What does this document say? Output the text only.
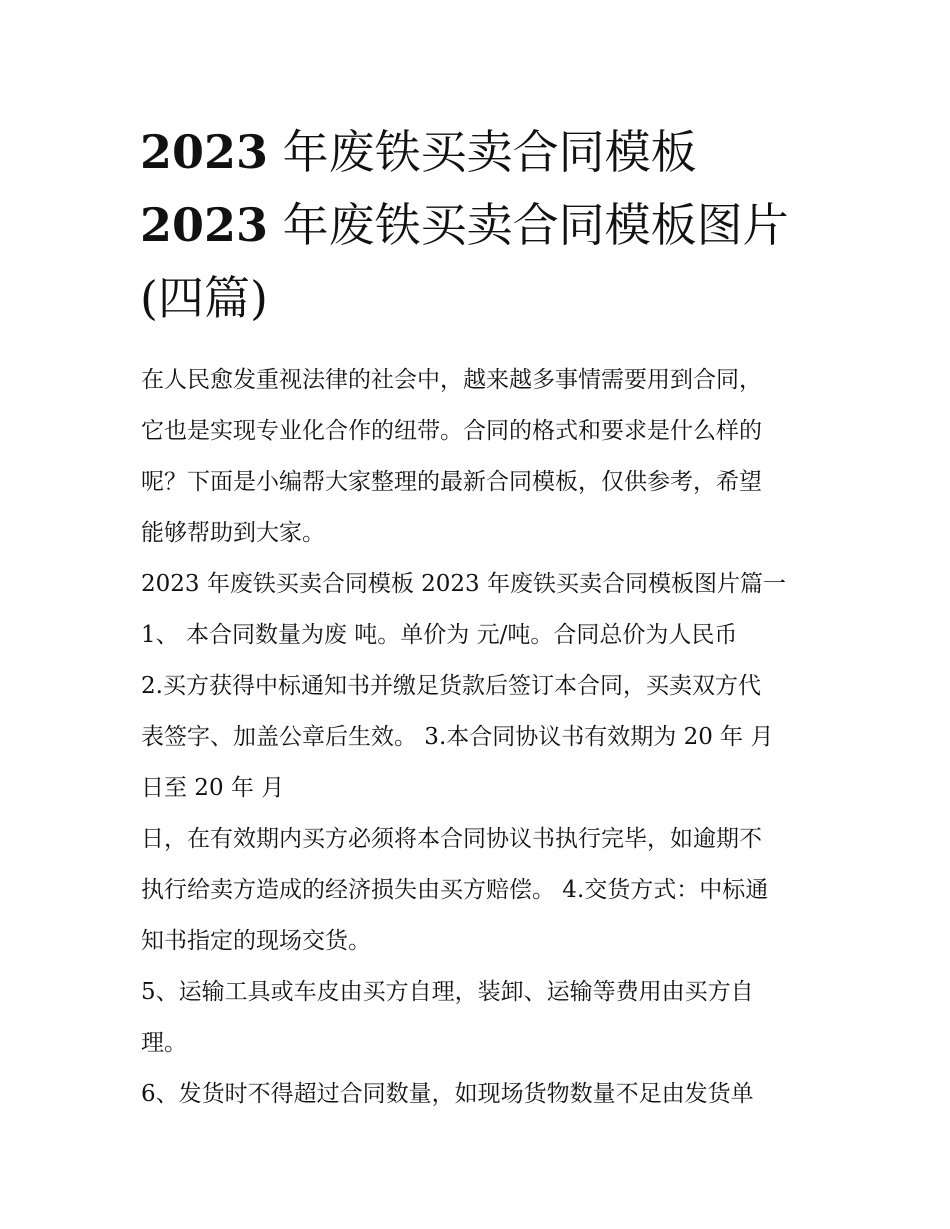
2023 年废铁买卖合同模板
2023 年废铁买卖合同模板图片
(四篇)
在人民愈发重视法律的社会中，越来越多事情需要用到合同，
它也是实现专业化合作的纽带。合同的格式和要求是什么样的
呢？下面是小编帮大家整理的最新合同模板，仅供参考，希望
能够帮助到大家。
2023 年废铁买卖合同模板 2023 年废铁买卖合同模板图片篇一
1、 本合同数量为废 吨。单价为 元/吨。合同总价为人民币
2.买方获得中标通知书并缴足货款后签订本合同，买卖双方代
表签字、加盖公章后生效。 3.本合同协议书有效期为 20 年 月
日至 20 年 月
日，在有效期内买方必须将本合同协议书执行完毕，如逾期不
执行给卖方造成的经济损失由买方赔偿。 4.交货方式：中标通
知书指定的现场交货。
5、运输工具或车皮由买方自理，装卸、运输等费用由买方自
理。
6、发货时不得超过合同数量，如现场货物数量不足由发货单
